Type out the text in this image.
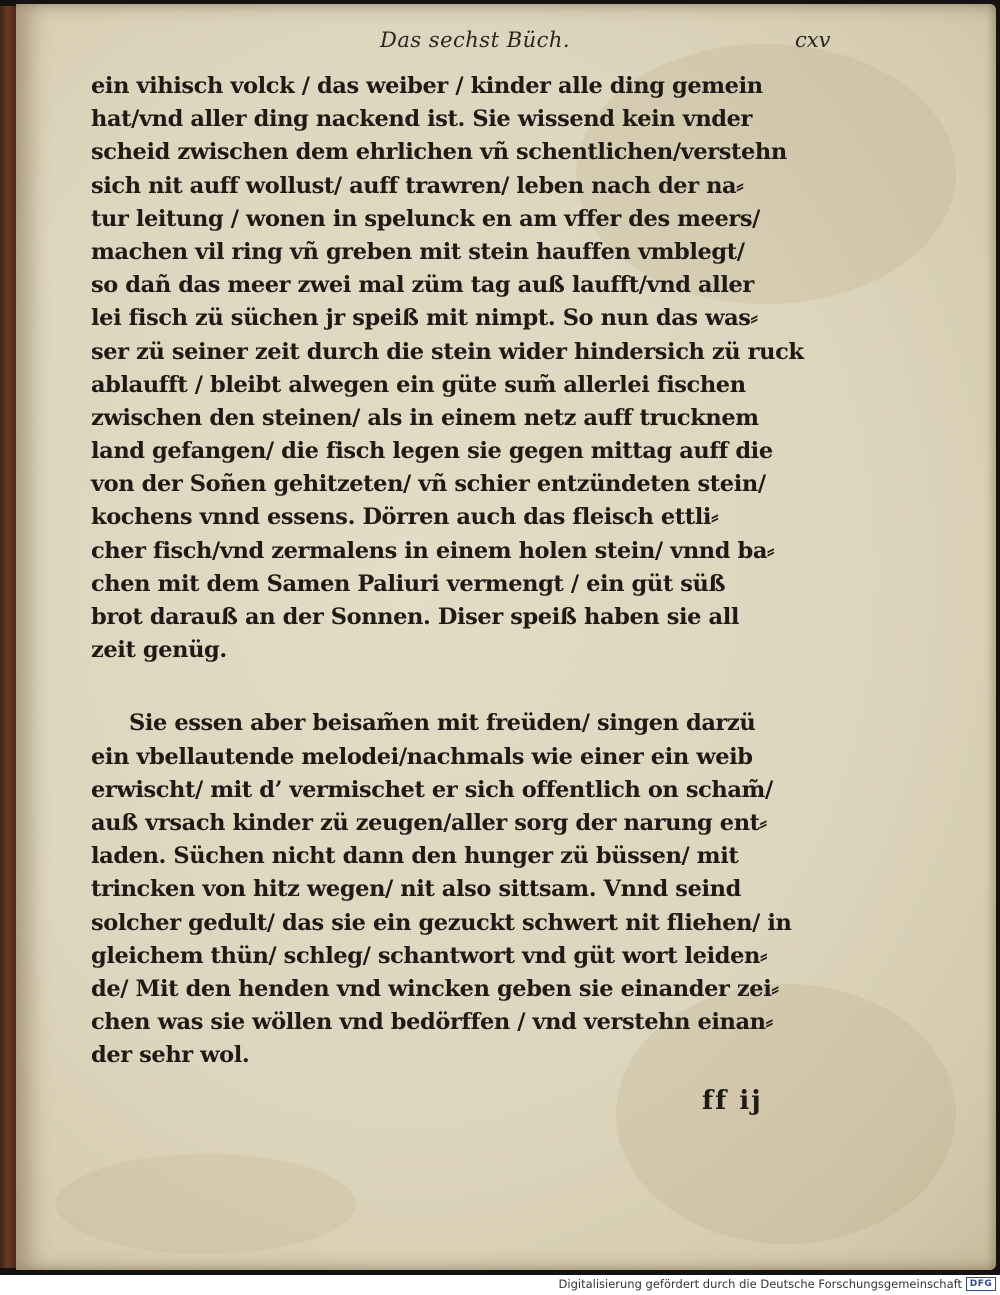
Das sechst Büch.	cxv
ein vihisch volck / das weiber / kinder alle ding gemein
hat/vnd aller ding nackend ist. Sie wissend kein vnder
scheid zwischen dem ehrlichen vñ schentlichen/verstehn
sich nit auff wollust/ auff trawren/ leben nach der na⸗
tur leitung / wonen in spelunck en am vffer des meers/
machen vil ring vñ greben mit stein hauffen vmblegt/
so dañ das meer zwei mal züm tag auß laufft/vnd aller
lei fisch zü süchen jr speiß mit nimpt. So nun das was⸗
ser zü seiner zeit durch die stein wider hindersich zü ruck
ablaufft / bleibt alwegen ein güte sum̃ allerlei fischen
zwischen den steinen/ als in einem netz auff trucknem
land gefangen/ die fisch legen sie gegen mittag auff die
von der Soñen gehitzeten/ vñ schier entzündeten stein/
kochens vnnd essens. Dörren auch das fleisch ettli⸗
cher fisch/vnd zermalens in einem holen stein/ vnnd ba⸗
chen mit dem Samen Paliuri vermengt / ein güt süß
brot darauß an der Sonnen. Diser speiß haben sie all
zeit genüg.
Sie essen aber beisam̃en mit freüden/ singen darzü
ein vbellautende melodei/nachmals wie einer ein weib
erwischt/ mit d’ vermischet er sich offentlich on scham̃/
auß vrsach kinder zü zeugen/aller sorg der narung ent⸗
laden. Süchen nicht dann den hunger zü büssen/ mit
trincken von hitz wegen/ nit also sittsam. Vnnd seind
solcher gedult/ das sie ein gezuckt schwert nit fliehen/ in
gleichem thün/ schleg/ schantwort vnd güt wort leiden⸗
de/ Mit den henden vnd wincken geben sie einander zei⸗
chen was sie wöllen vnd bedörffen / vnd verstehn einan⸗
der sehr wol.
ff ij
Digitalisierung gefördert durch die Deutsche Forschungsgemeinschaft DFG
